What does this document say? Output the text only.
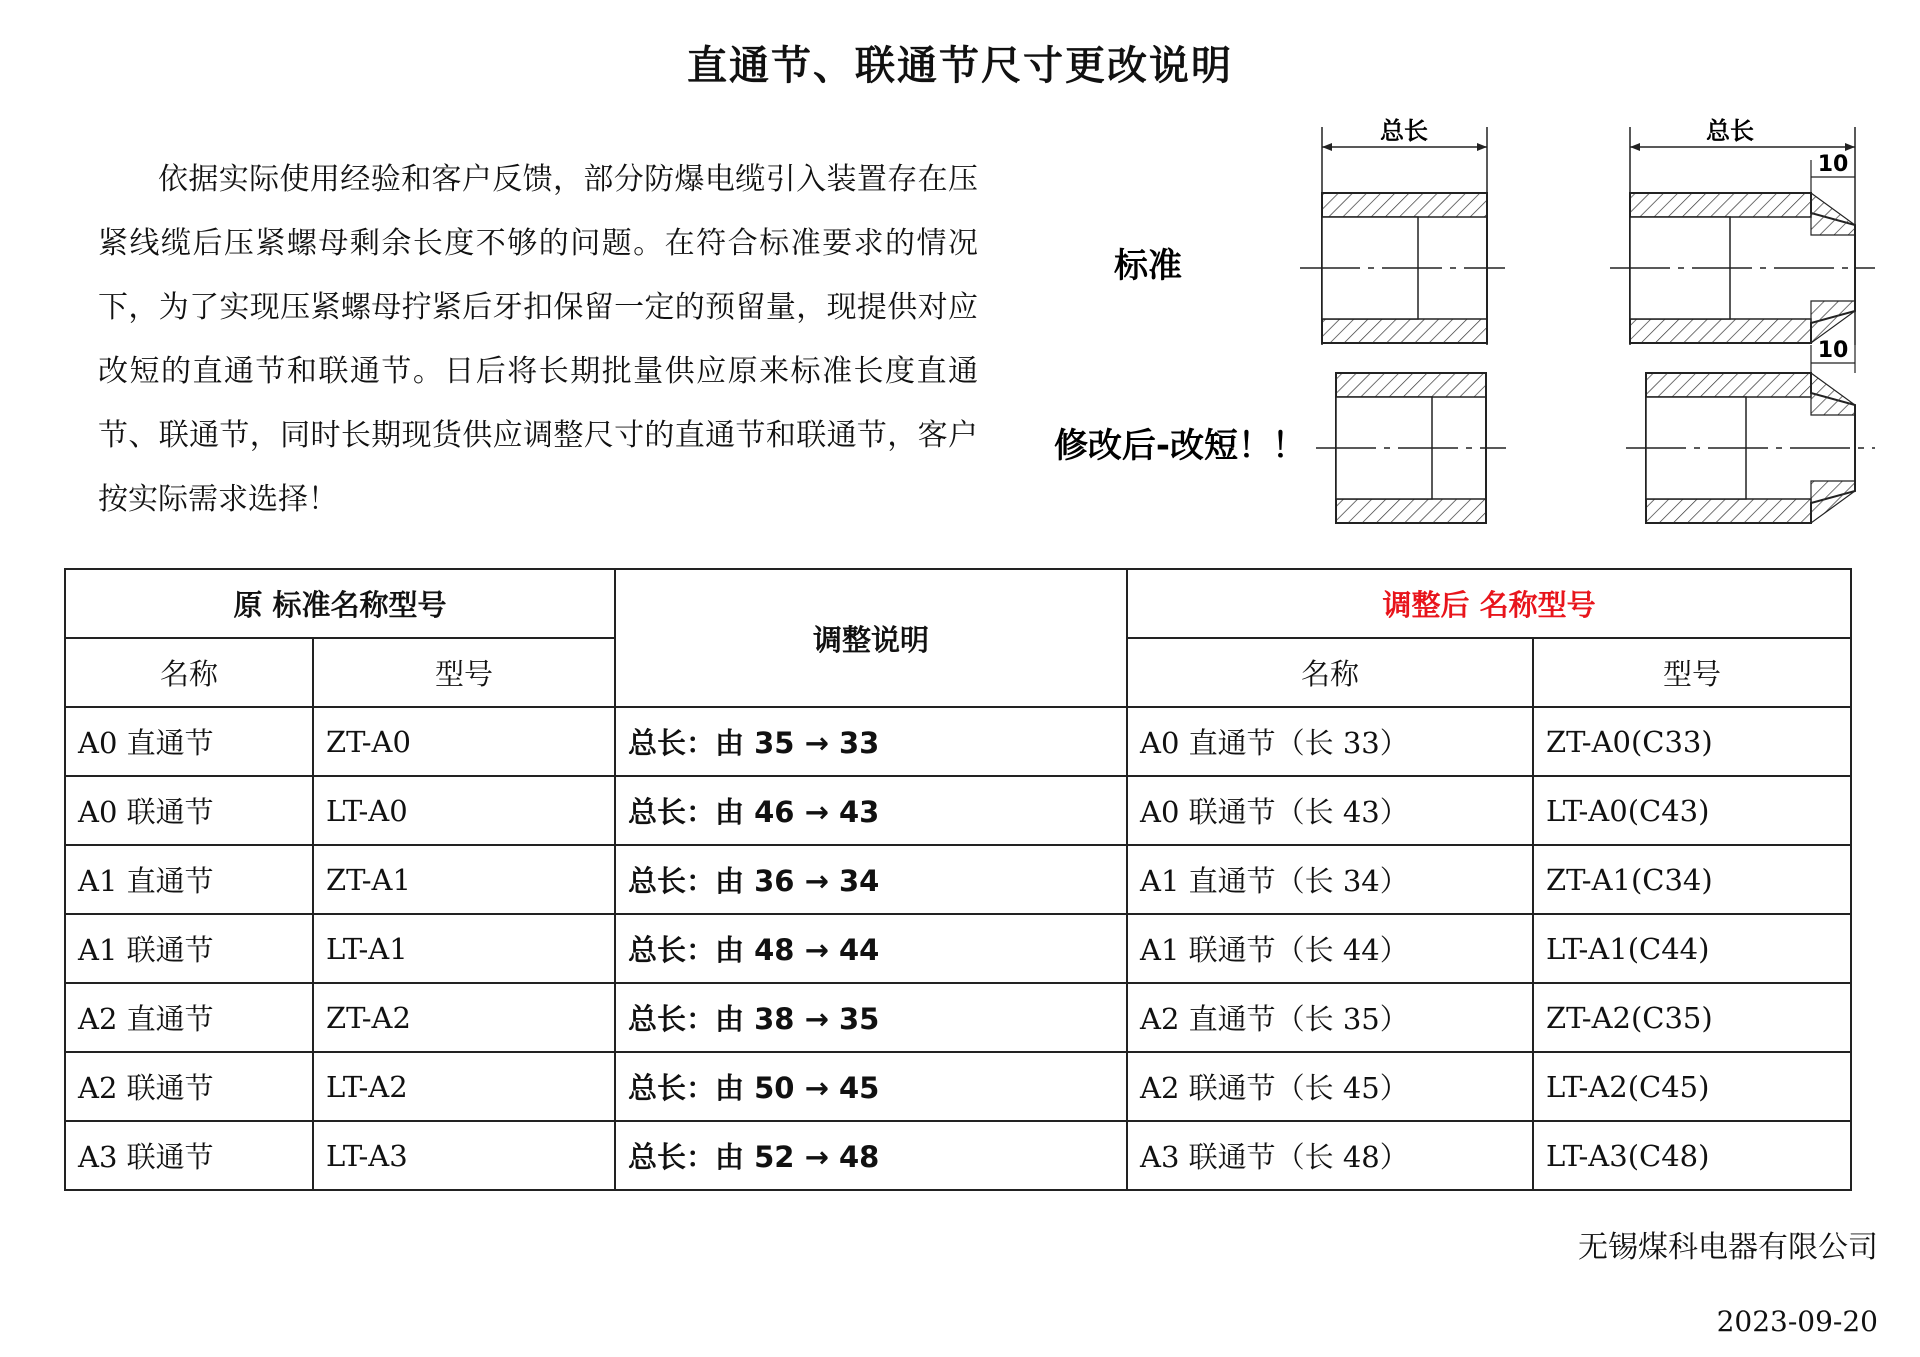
直通节、联通节尺寸更改说明
依据实际使用经验和客户反馈，部分防爆电缆引入装置存在压紧线缆后压紧螺母剩余长度不够的问题。在符合标准要求的情况下，为了实现压紧螺母拧紧后牙扣保留一定的预留量，现提供对应改短的直通节和联通节。日后将长期批量供应原来标准长度直通节、联通节，同时长期现货供应调整尺寸的直通节和联通节，客户按实际需求选择！
标准
修改后-改短！！
总长	总长
10
10
原 标准名称型号		调整说明	调整后 名称型号	
名称	型号		名称	型号
A0 直通节	ZT-A0	总长：由 35 → 33	A0 直通节（长 33）	ZT-A0(C33)
A0 联通节	LT-A0	总长：由 46 → 43	A0 联通节（长 43）	LT-A0(C43)
A1 直通节	ZT-A1	总长：由 36 → 34	A1 直通节（长 34）	ZT-A1(C34)
A1 联通节	LT-A1	总长：由 48 → 44	A1 联通节（长 44）	LT-A1(C44)
A2 直通节	ZT-A2	总长：由 38 → 35	A2 直通节（长 35）	ZT-A2(C35)
A2 联通节	LT-A2	总长：由 50 → 45	A2 联通节（长 45）	LT-A2(C45)
A3 联通节	LT-A3	总长：由 52 → 48	A3 联通节（长 48）	LT-A3(C48)
无锡煤科电器有限公司
2023-09-20
